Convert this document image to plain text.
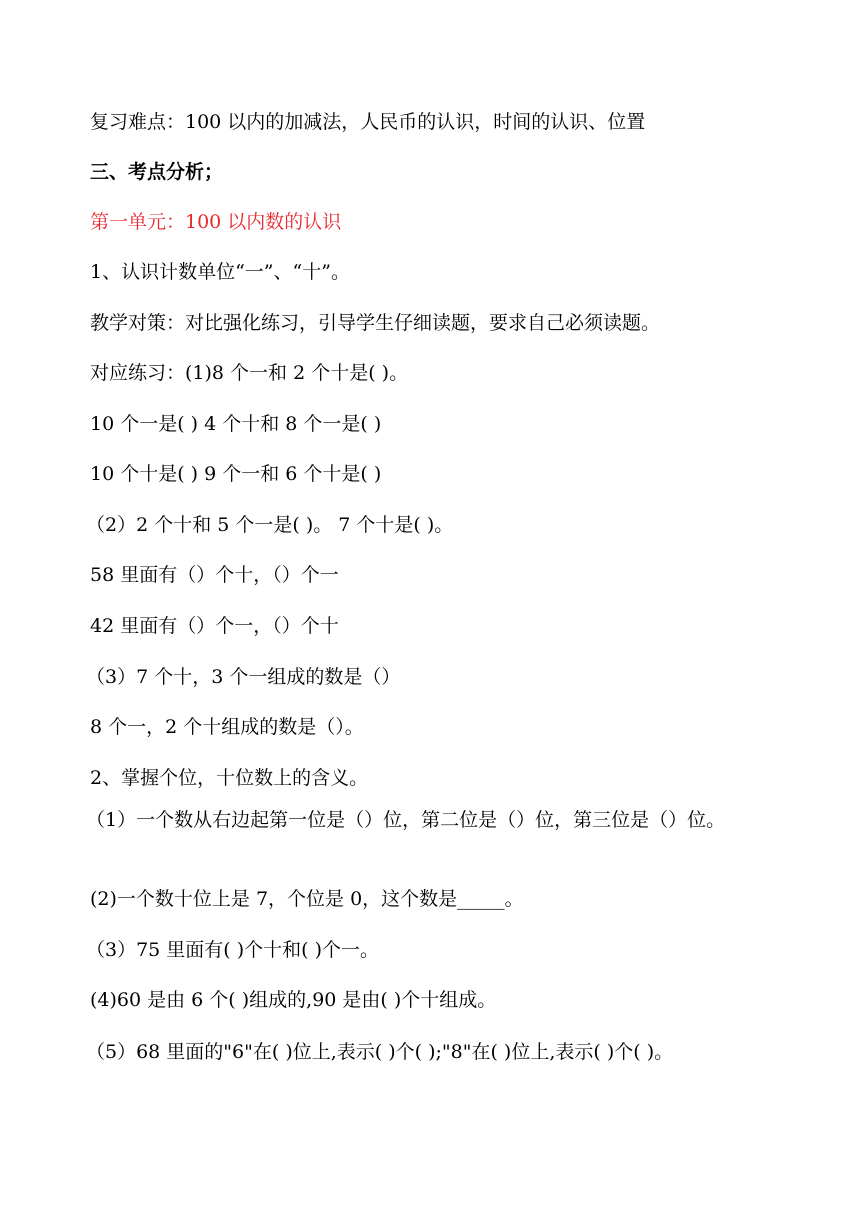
复习难点：100 以内的加减法，人民币的认识，时间的认识、位置
三、考点分析；
第一单元：100 以内数的认识
1、认识计数单位“一”、“十”。
教学对策：对比强化练习，引导学生仔细读题，要求自己必须读题。
对应练习：(1)8 个一和 2 个十是( )。
10 个一是( ) 4 个十和 8 个一是( )
10 个十是( ) 9 个一和 6 个十是( )
（2）2 个十和 5 个一是( )。 7 个十是( )。
58 里面有（）个十，（）个一
42 里面有（）个一，（）个十
（3）7 个十，3 个一组成的数是（）
8 个一，2 个十组成的数是（）。
2、掌握个位，十位数上的含义。
（1）一个数从右边起第一位是（）位，第二位是（）位，第三位是（）位。
(2)一个数十位上是 7，个位是 0，这个数是_____。
（3）75 里面有( )个十和( )个一。
(4)60 是由 6 个( )组成的,90 是由( )个十组成。
（5）68 里面的"6"在( )位上,表示( )个( );"8"在( )位上,表示( )个( )。
